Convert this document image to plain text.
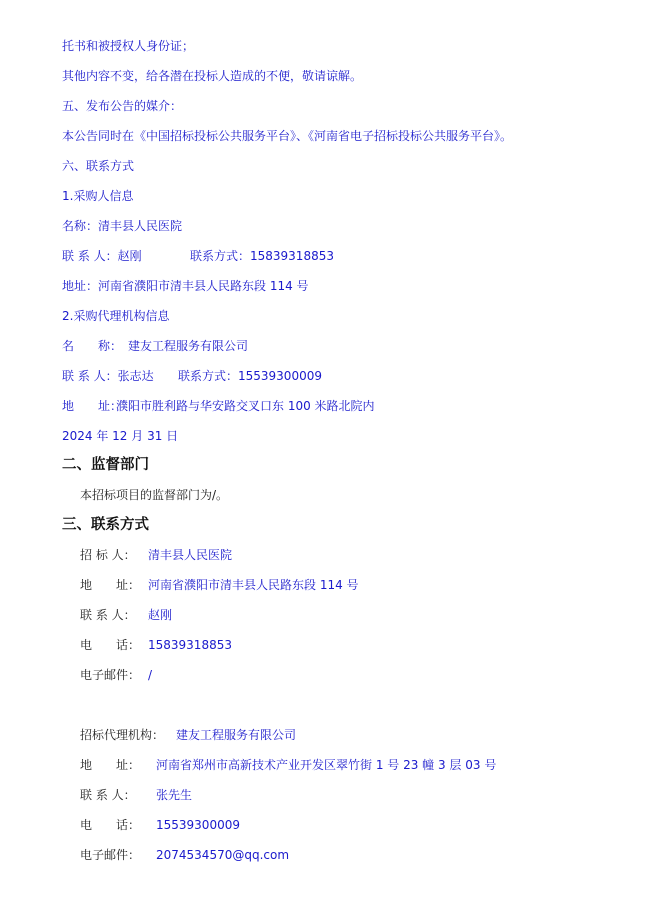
托书和被授权人身份证；
其他内容不变，给各潜在投标人造成的不便，敬请谅解。
五、发布公告的媒介：
本公告同时在《中国招标投标公共服务平台》、《河南省电子招标投标公共服务平台》。
六、联系方式
1.采购人信息
名称：清丰县人民医院
联 系 人：赵刚	联系方式：15839318853
地址：河南省濮阳市清丰县人民路东段 114 号
2.采购代理机构信息
名　　称： 建友工程服务有限公司
联 系 人：张志达 联系方式：15539300009
地　　址：
濮阳市胜利路与华安路交叉口东 100 米路北院内
2024 年 12 月 31 日
二、监督部门
本招标项目的监督部门为/。
三、联系方式
招 标 人： 清丰县人民医院
地　　址： 河南省濮阳市清丰县人民路东段 114 号
联 系 人： 赵刚
电　　话： 15839318853
电子邮件： /
招标代理机构： 建友工程服务有限公司
地　　址： 河南省郑州市高新技术产业开发区翠竹街 1 号 23 幢 3 层 03 号
联 系 人： 张先生
电　　话： 15539300009
电子邮件： 2074534570@qq.com
